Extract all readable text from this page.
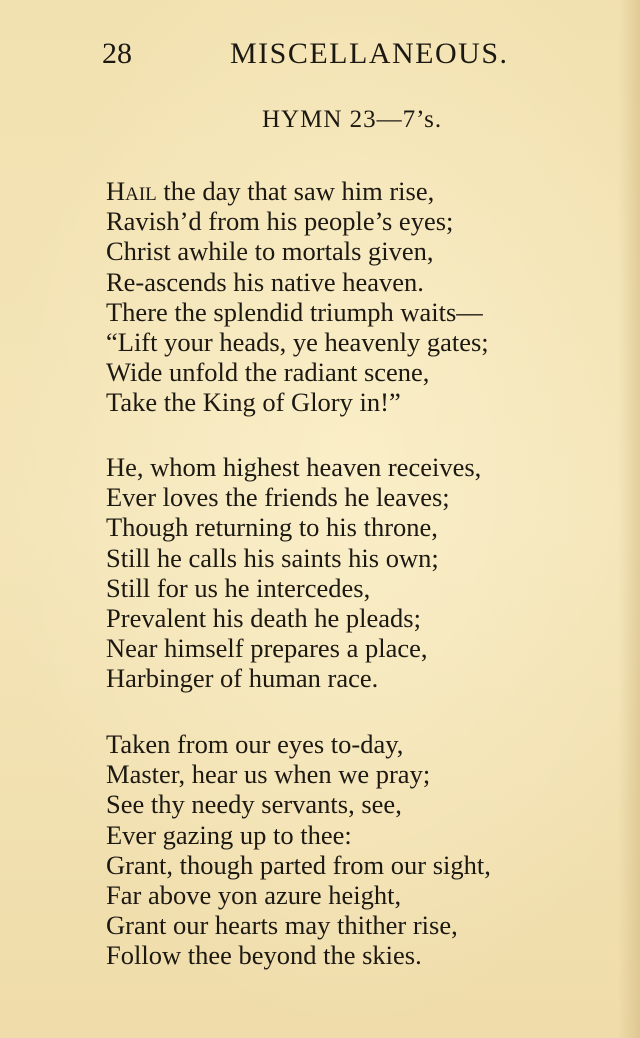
28	MISCELLANEOUS.
HYMN 23—7’s.
Hail the day that saw him rise,
Ravish’d from his people’s eyes;
Christ awhile to mortals given,
Re-ascends his native heaven.
There the splendid triumph waits—
“Lift your heads, ye heavenly gates;
Wide unfold the radiant scene,
Take the King of Glory in!”
He, whom highest heaven receives,
Ever loves the friends he leaves;
Though returning to his throne,
Still he calls his saints his own;
Still for us he intercedes,
Prevalent his death he pleads;
Near himself prepares a place,
Harbinger of human race.
Taken from our eyes to-day,
Master, hear us when we pray;
See thy needy servants, see,
Ever gazing up to thee:
Grant, though parted from our sight,
Far above yon azure height,
Grant our hearts may thither rise,
Follow thee beyond the skies.
